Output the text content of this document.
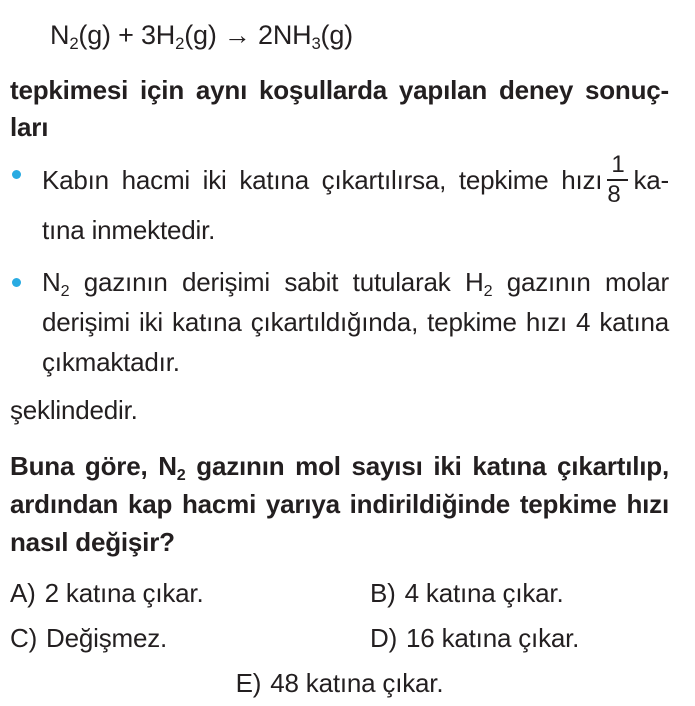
$N_2(g) + 3H_2(g) \to 2NH_3(g)$
tepkimesi için aynı koşullarda yapılan deney sonuç-
ları
Kabın hacmi iki katına çıkartılırsa, tepkime hızı $\frac{1}{8} ka-$
tına inmektedir.
$N_2$ gazının derişimi sabit tutularak $H_2$ gazının molar
derişimi iki katına çıkartıldığında, tepkime hızı 4 katına
çıkmaktadır.
şeklindedir.
Buna göre, $N_2$ gazının mol sayısı iki katına çıkartılıp,
ardından kap hacmi yarıya indirildiğinde tepkime hızı
nasıl değişir?
A) 2 katına çıkar.	B) 4 katına çıkar.
C) Değişmez.	D) 16 katına çıkar.
E) 48 katına çıkar.
